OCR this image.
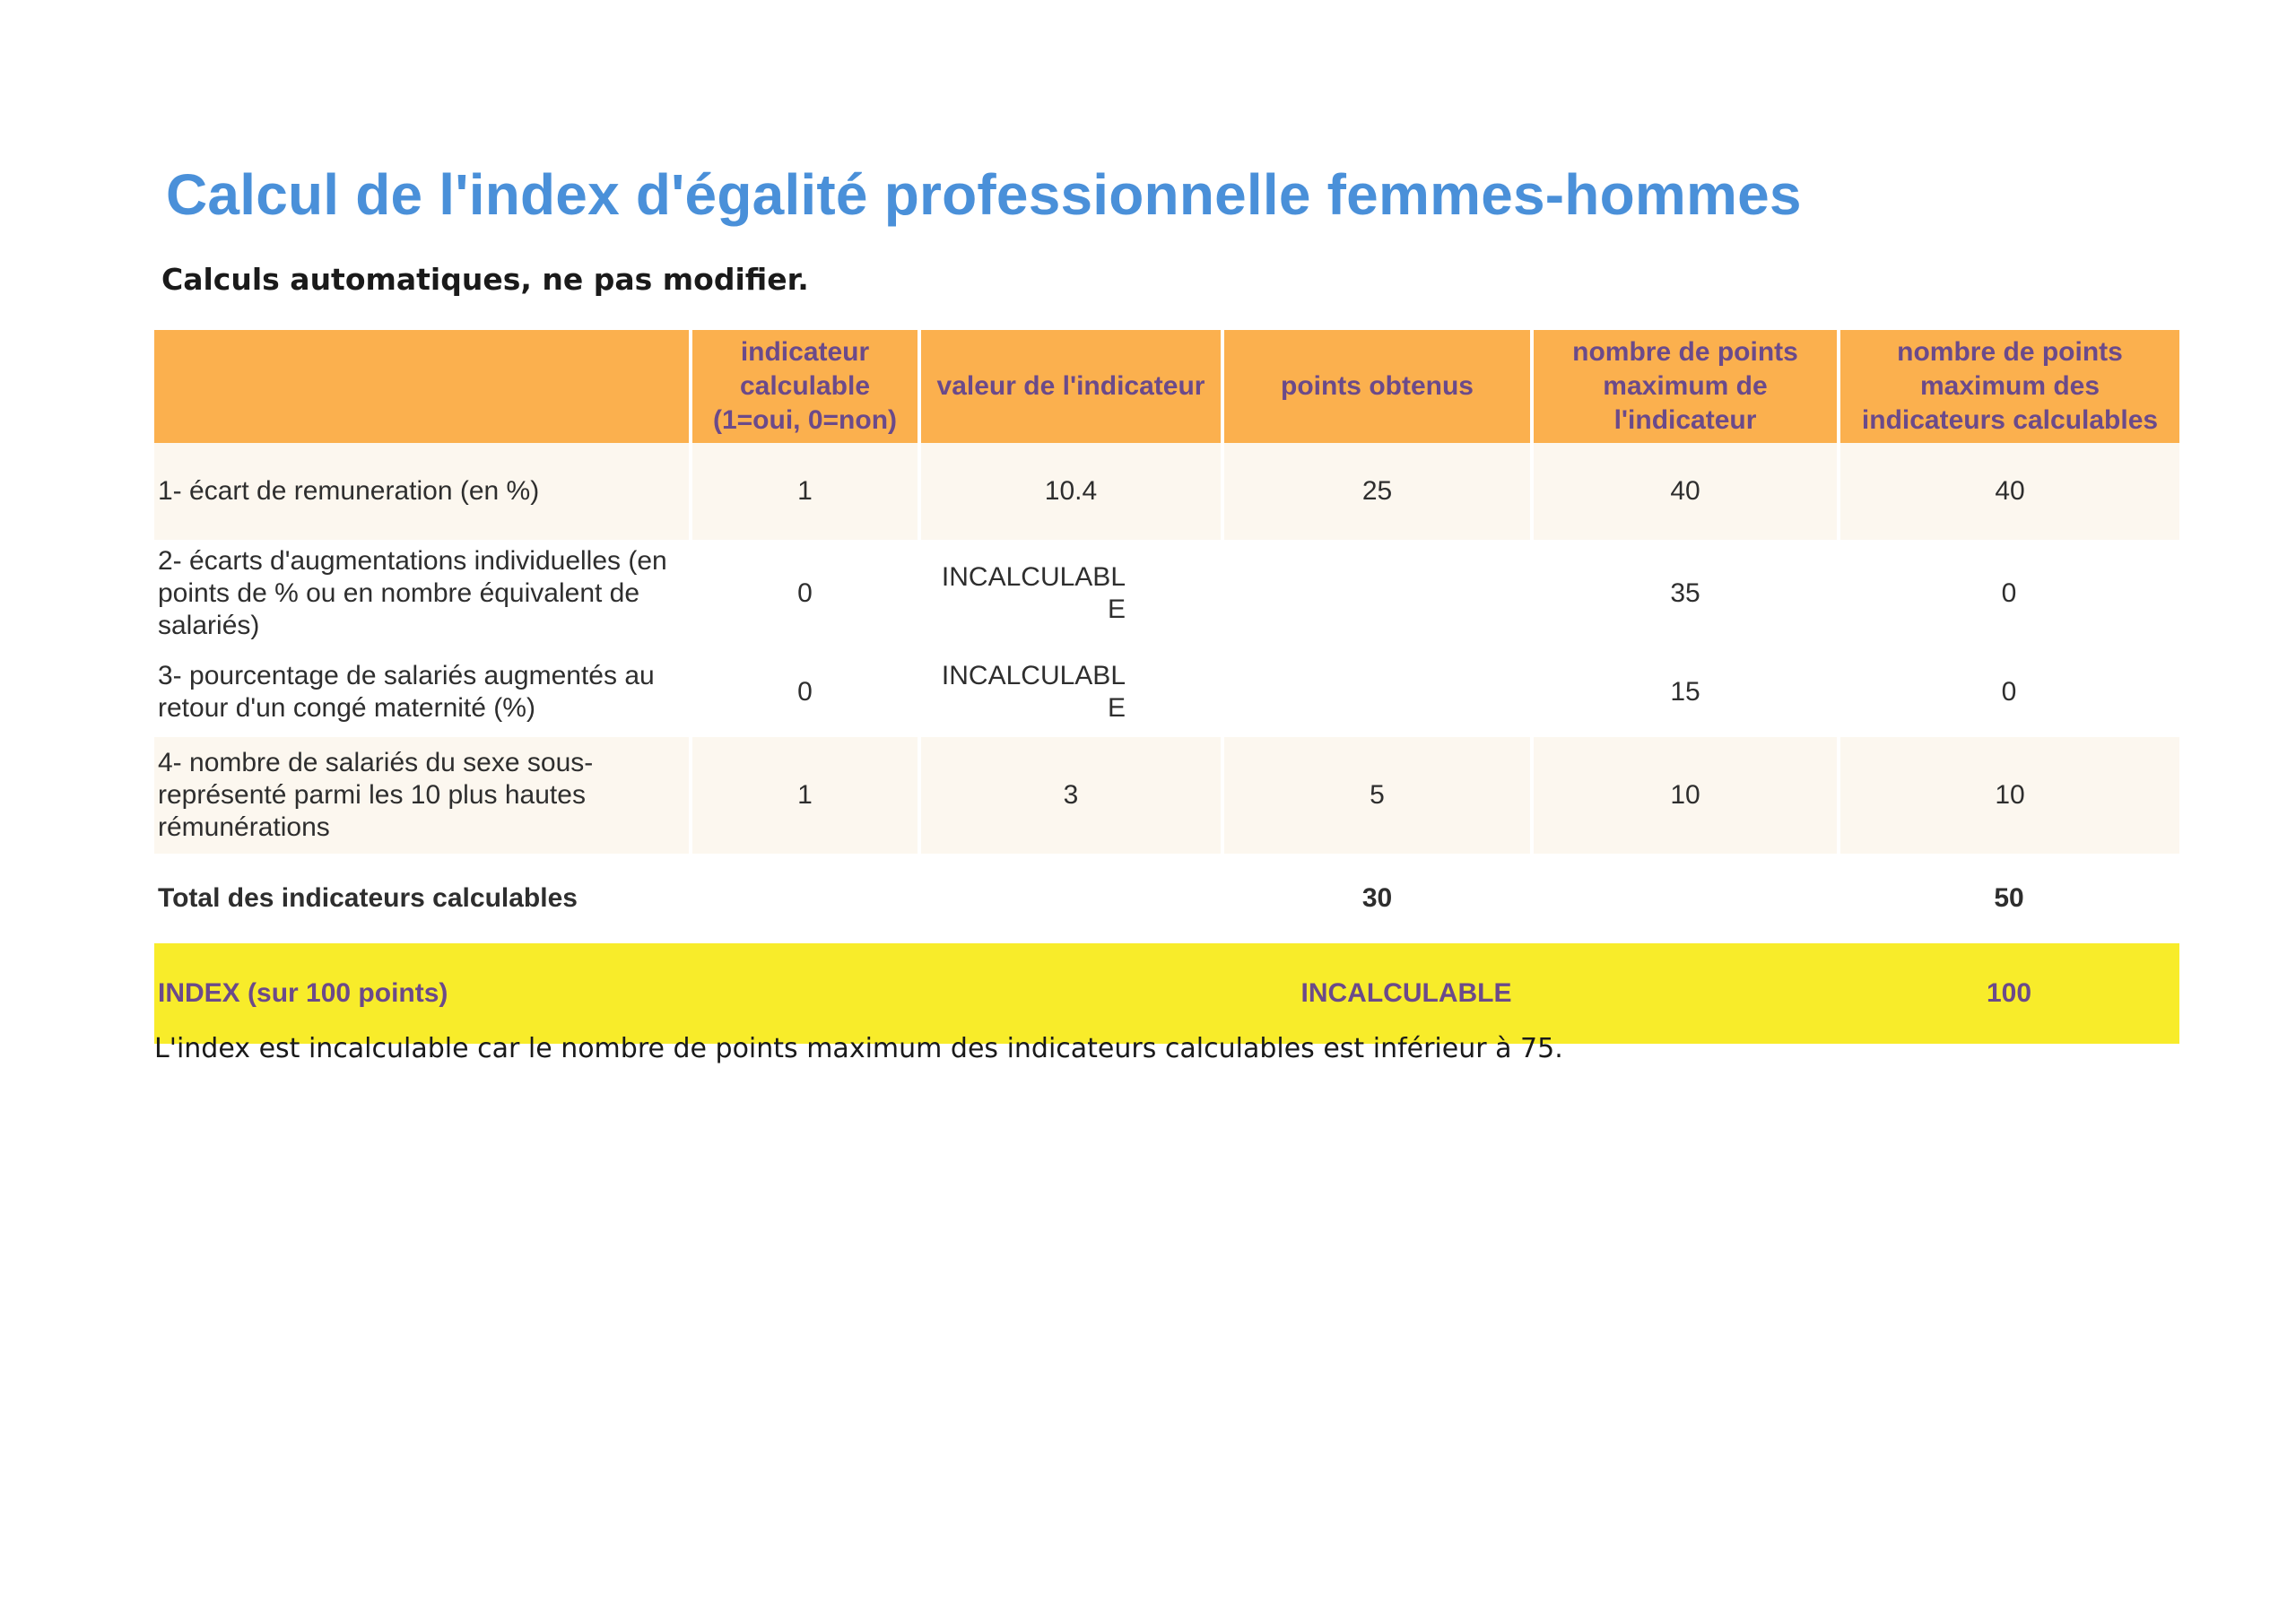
Calcul de l'index d'égalité professionnelle femmes-hommes
Calculs automatiques, ne pas modifier.
	indicateur calculable (1=oui, 0=non)	valeur de l'indicateur	points obtenus	nombre de points maximum de l'indicateur	nombre de points maximum des indicateurs calculables
1- écart de remuneration (en %)	1	10.4	25	40	40
2- écarts d'augmentations individuelles (en points de % ou en nombre équivalent de salariés)	0	INCALCULABLE		35	0
3- pourcentage de salariés augmentés au retour d'un congé maternité (%)	0	INCALCULABLE		15	0
4- nombre de salariés du sexe sous-représenté parmi les 10 plus hautes rémunérations	1	3	5	10	10
Total des indicateurs calculables			30		50
INDEX (sur 100 points)			INCALCULABLE		100
L'index est incalculable car le nombre de points maximum des indicateurs calculables est inférieur à 75.
